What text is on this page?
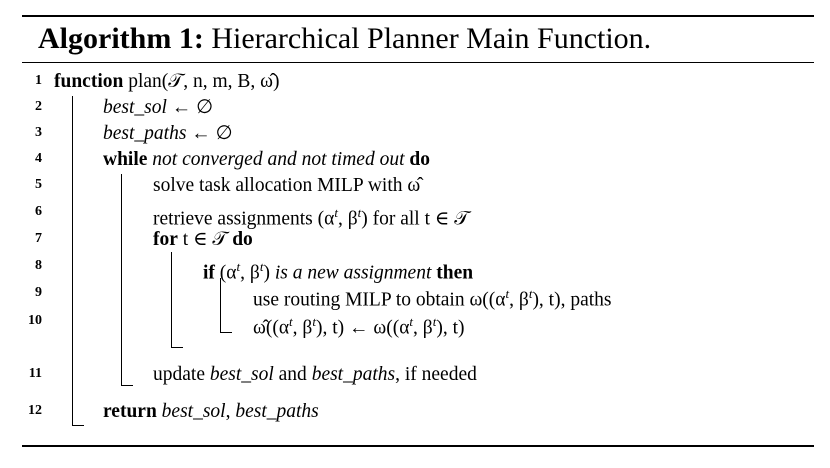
Algorithm 1: Hierarchical Planner Main Function.
1
2
3
4
5
6
7
8
9
10
11
12
function plan(𝒯, n, m, B, ω̂)
best_sol ← ∅
best_paths ← ∅
while not converged and not timed out do
solve task allocation MILP with ω̂
retrieve assignments ($\alpha^t$, $\beta^t$) for all t ∈ 𝒯
for t ∈ 𝒯 do
if ($\alpha^t$, $\beta^t$) is a new assignment then
use routing MILP to obtain $\omega((\alpha^t$, $\beta^t$), t), paths
$\omegâ((\alpha^t$, $\beta^t$), t) ← $\omega((\alpha^t$, $\beta^t$), t)
update best_sol and best_paths, if needed
return best_sol, best_paths
